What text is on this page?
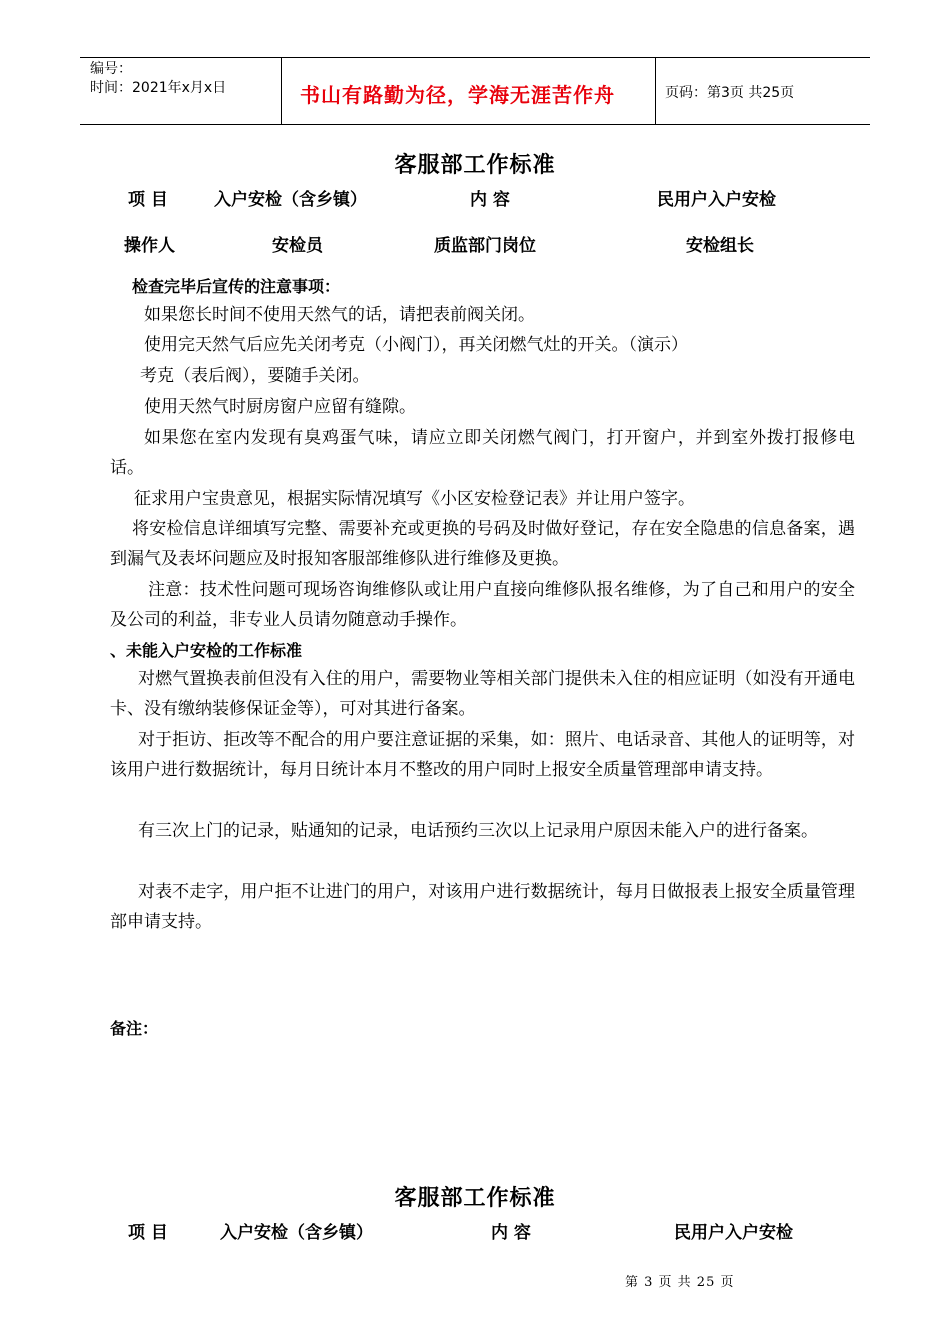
编号：
时间：2021年x月x日	书山有路勤为径，学海无涯苦作舟	页码：第3页 共25页
客服部工作标准
项 目	入户安检（含乡镇）	内 容	民用户入户安检
操作人	安检员	质监部门岗位	安检组长
检查完毕后宣传的注意事项：
如果您长时间不使用天然气的话，请把表前阀关闭。
使用完天然气后应先关闭考克（小阀门），再关闭燃气灶的开关。（演示）
考克（表后阀），要随手关闭。
使用天然气时厨房窗户应留有缝隙。
如果您在室内发现有臭鸡蛋气味，请应立即关闭燃气阀门，打开窗户，并到室外拨打报修电话。
征求用户宝贵意见，根据实际情况填写《小区安检登记表》并让用户签字。
将安检信息详细填写完整、需要补充或更换的号码及时做好登记，存在安全隐患的信息备案，遇到漏气及表坏问题应及时报知客服部维修队进行维修及更换。
注意：技术性问题可现场咨询维修队或让用户直接向维修队报名维修，为了自己和用户的安全及公司的利益，非专业人员请勿随意动手操作。
、未能入户安检的工作标准
对燃气置换表前但没有入住的用户，需要物业等相关部门提供未入住的相应证明（如没有开通电卡、没有缴纳装修保证金等），可对其进行备案。
对于拒访、拒改等不配合的用户要注意证据的采集，如：照片、电话录音、其他人的证明等，对该用户进行数据统计，每月日统计本月不整改的用户同时上报安全质量管理部申请支持。
有三次上门的记录，贴通知的记录，电话预约三次以上记录用户原因未能入户的进行备案。
对表不走字，用户拒不让进门的用户，对该用户进行数据统计，每月日做报表上报安全质量管理部申请支持。
备注：
客服部工作标准
项 目	入户安检（含乡镇）	内 容	民用户入户安检
第 3 页 共 25 页
